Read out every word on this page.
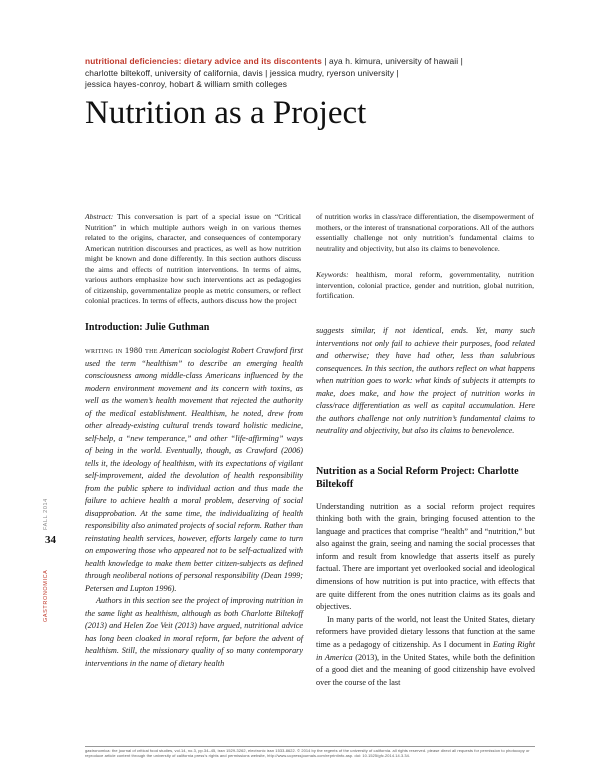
nutritional deficiencies: dietary advice and its discontents | aya h. kimura, university of hawaii |
charlotte biltekoff, university of california, davis | jessica mudry, ryerson university |
jessica hayes-conroy, hobart & william smith colleges
Nutrition as a Project
Abstract: This conversation is part of a special issue on “Critical Nutrition” in which multiple authors weigh in on various themes related to the origins, character, and consequences of contemporary American nutrition discourses and practices, as well as how nutrition might be known and done differently. In this section authors discuss the aims and effects of nutrition interventions. In terms of aims, various authors emphasize how such interventions act as pedagogies of citizenship, governmentalize people as metric consumers, or reflect colonial practices. In terms of effects, authors discuss how the project
of nutrition works in class/race differentiation, the disempowerment of mothers, or the interest of transnational corporations. All of the authors essentially challenge not only nutrition’s fundamental claims to neutrality and objectivity, but also its claims to benevolence.
Keywords: healthism, moral reform, governmentality, nutrition intervention, colonial practice, gender and nutrition, global nutrition, fortification.
Introduction: Julie Guthman

writing in 1980 the American sociologist Robert Crawford first used the term “healthism” to describe an emerging health consciousness among middle-class Americans influenced by the modern environment movement and its concern with toxins, as well as the women’s health movement that rejected the authority of the medical establishment. Healthism, he noted, drew from other already-existing cultural trends toward holistic medicine, self-help, a “new temperance,” and other “life-affirming” ways of being in the world. Eventually, though, as Crawford (2006) tells it, the ideology of healthism, with its expectations of vigilant self-improvement, aided the devolution of health responsibility from the public sphere to individual action and thus made the failure to achieve health a moral problem, deserving of social disapprobation. At the same time, the individualizing of health responsibility also animated projects of social reform. Rather than reinstating health services, however, efforts largely came to turn on empowering those who appeared not to be self-actualized with health knowledge to make them better citizen-subjects as defined through neoliberal notions of personal responsibility (Dean 1999; Petersen and Lupton 1996).

Authors in this section see the project of improving nutrition in the same light as healthism, although as both Charlotte Biltekoff (2013) and Helen Zoe Veit (2013) have argued, nutritional advice has long been cloaked in moral reform, far before the advent of healthism. Still, the missionary quality of so many contemporary interventions in the name of dietary health

suggests similar, if not identical, ends. Yet, many such interventions not only fail to achieve their purposes, food related and otherwise; they have had other, less than salubrious consequences. In this section, the authors reflect on what happens when nutrition goes to work: what kinds of subjects it attempts to make, does make, and how the project of nutrition works in class/race differentiation as well as capital accumulation. Here the authors challenge not only nutrition’s fundamental claims to neutrality and objectivity, but also its claims to benevolence.

Nutrition as a Social Reform Project: Charlotte Biltekoff

Understanding nutrition as a social reform project requires thinking both with the grain, bringing focused attention to the language and practices that comprise “health” and “nutrition,” but also against the grain, seeing and naming the social processes that inform and result from knowledge that asserts itself as purely factual. There are important yet overlooked social and ideological dimensions of how nutrition is put into practice, with effects that are quite different from the ones nutrition claims as its goals and objectives.

In many parts of the world, not least the United States, dietary reformers have provided dietary lessons that function at the same time as a pedagogy of citizenship. As I document in Eating Right in America (2013), in the United States, while both the definition of a good diet and the meaning of good citizenship have evolved over the course of the last

34
FALL 2014
GASTRONOMICA
gastronomica: the journal of critical food studies, vol.14, no.3, pp.34–45, issn 1529-3262, electronic issn 1533-8622. © 2014 by the regents of the university of california. all rights reserved. please direct all requests for permission to photocopy or reproduce article content through the university of california press’s rights and permissions website, http://www.ucpressjournals.com/reprintinfo.asp. doi: 10.1525/gfc.2014.14.3.34.
